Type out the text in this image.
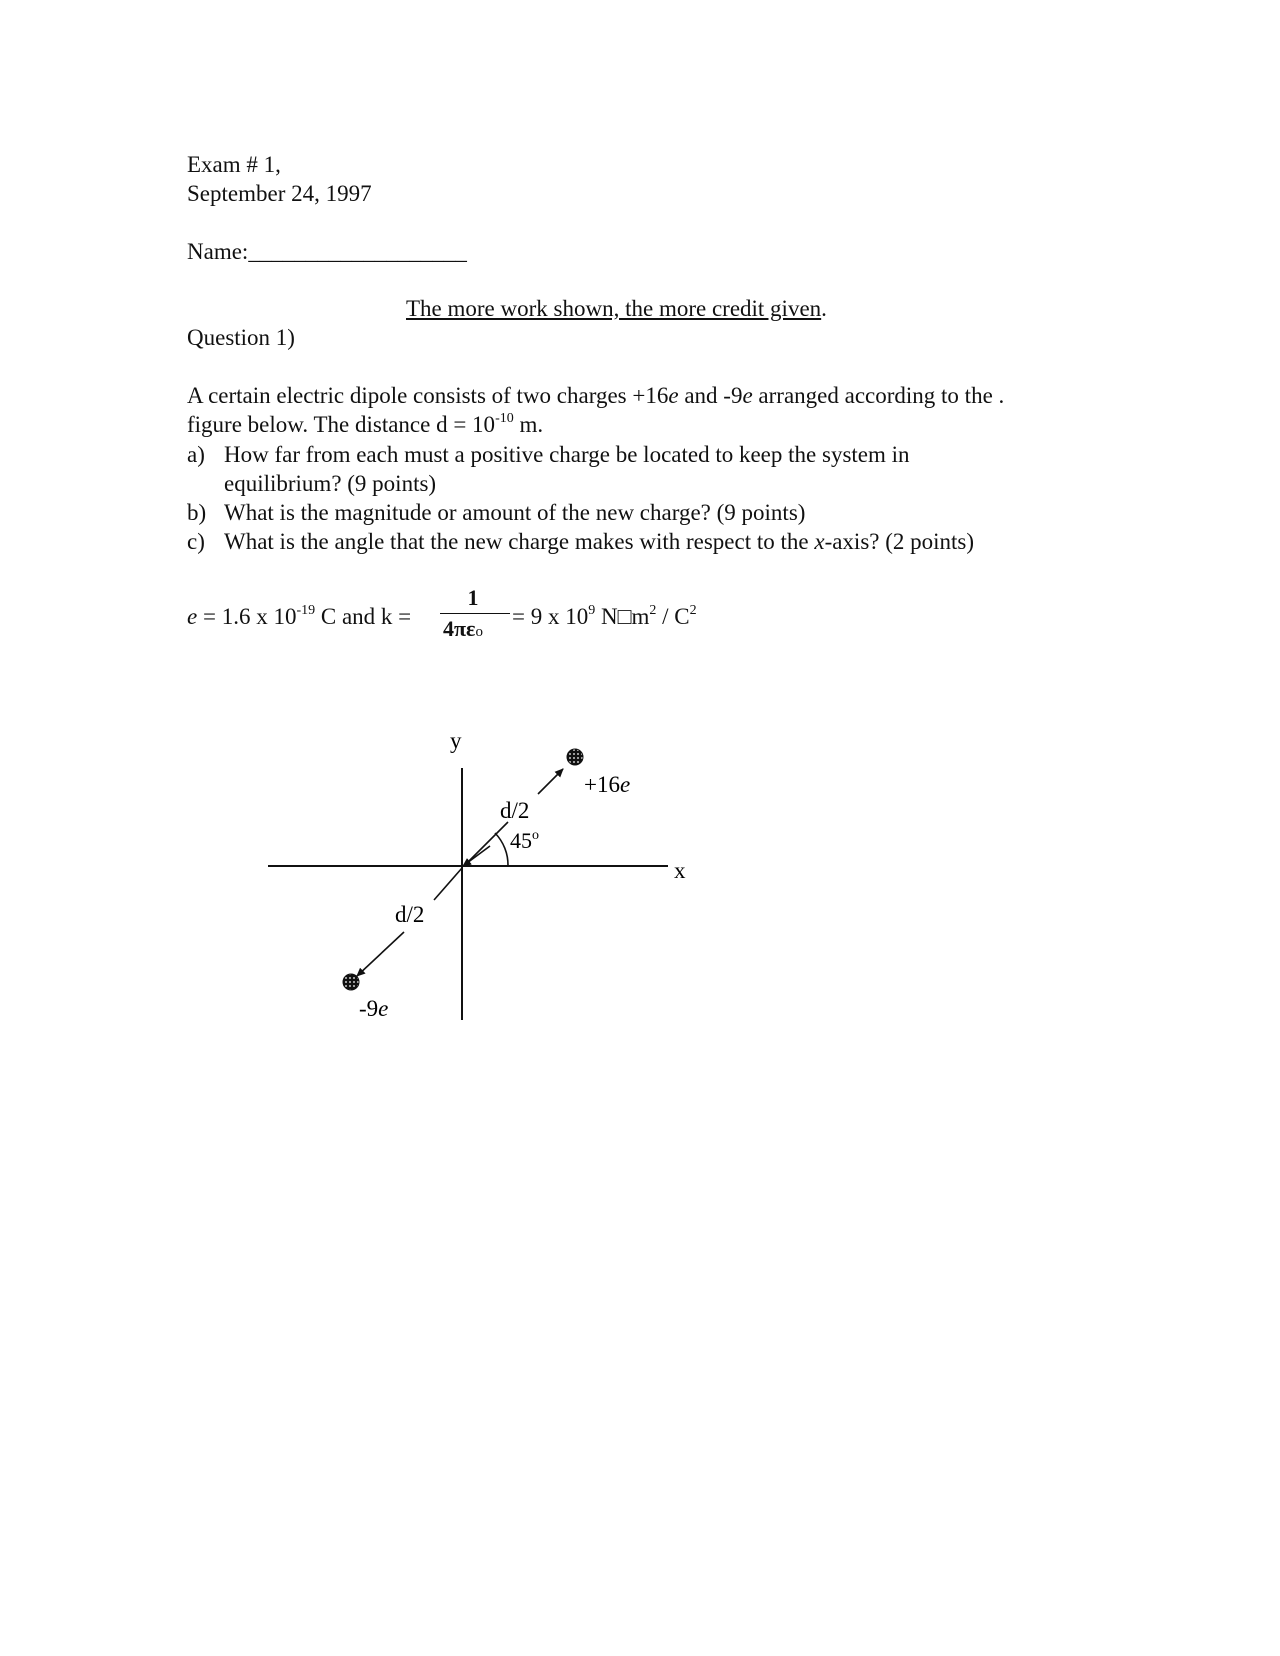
Exam # 1,
September 24, 1997
Name:___________________
The more work shown, the more credit given.
Question 1)
A certain electric dipole consists of two charges +16e and -9e arranged according to the .
figure below. The distance $d = 10^{-10}$ m.
a) How far from each must a positive charge be located to keep the system in
equilibrium? (9 points)
b) What is the magnitude or amount of the new charge? (9 points)
c) What is the angle that the new charge makes with respect to the x-axis? (2 points)
e = 1.6 x $10^{-19}$ C and k =
1
4πεo
= 9 x $10^9$ $N□m^2 / C^2$
y
x
+16e
-9e
d/2
d/2
45$^o$
